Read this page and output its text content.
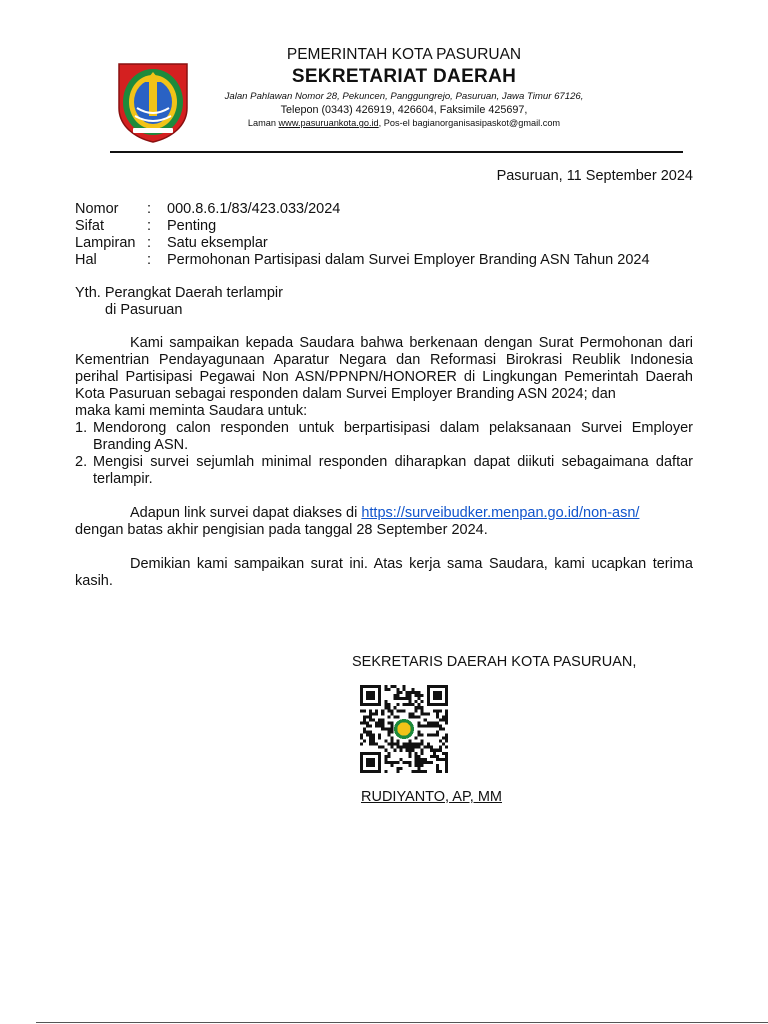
PEMERINTAH KOTA PASURUAN
SEKRETARIAT DAERAH
Jalan Pahlawan Nomor 28, Pekuncen, Panggungrejo, Pasuruan, Jawa Timur 67126,
Telepon (0343) 426919, 426604, Faksimile 425697,
Laman www.pasuruankota.go.id, Pos-el bagianorganisasipaskot@gmail.com
Pasuruan, 11 September 2024
Nomor : 000.8.6.1/83/423.033/2024
Sifat	: Penting
Lampiran : Satu eksemplar
Hal	: Permohonan Partisipasi dalam Survei Employer Branding ASN Tahun 2024
Yth. Perangkat Daerah terlampir
di Pasuruan
Kami sampaikan kepada Saudara bahwa berkenaan dengan Surat Permohonan dari Kementrian Pendayagunaan Aparatur Negara dan Reformasi Birokrasi Reublik Indonesia perihal Partisipasi Pegawai Non ASN/PPNPN/HONORER di Lingkungan Pemerintah Daerah Kota Pasuruan sebagai responden dalam Survei Employer Branding ASN 2024; dan
maka kami meminta Saudara untuk:
1. Mendorong calon responden untuk berpartisipasi dalam pelaksanaan Survei Employer Branding ASN.
2. Mengisi survei sejumlah minimal responden diharapkan dapat diikuti sebagaimana daftar terlampir.
Adapun link survei dapat diakses di https://surveibudker.menpan.go.id/non-asn/
dengan batas akhir pengisian pada tanggal 28 September 2024.
Demikian kami sampaikan surat ini. Atas kerja sama Saudara, kami ucapkan terima kasih.
SEKRETARIS DAERAH KOTA PASURUAN,
RUDIYANTO, AP, MM
